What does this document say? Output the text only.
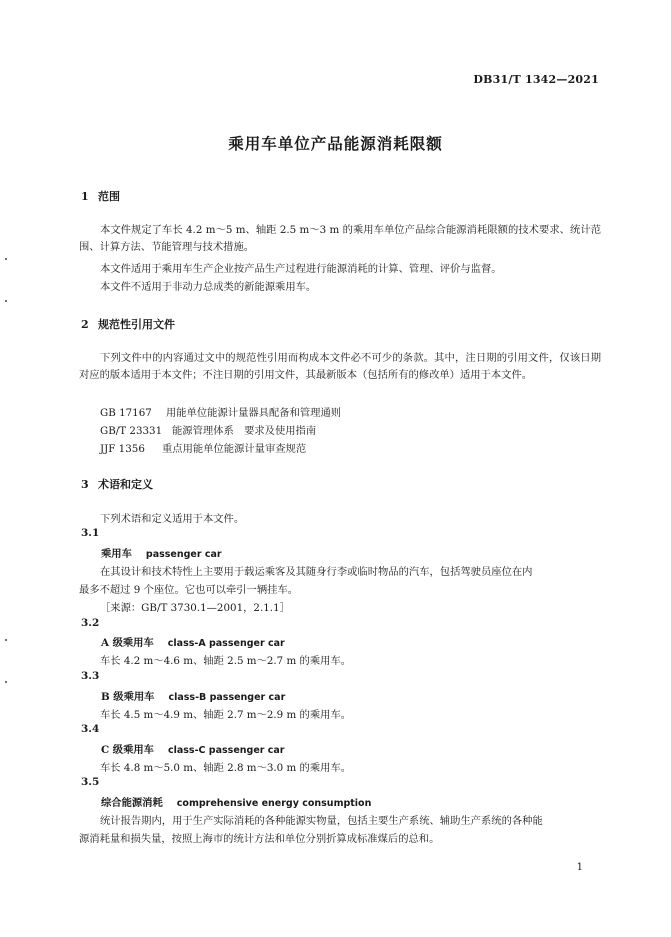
DB31/T 1342—2021
乘用车单位产品能源消耗限额
1 范围
本文件规定了车长 4.2 m～5 m、轴距 2.5 m～3 m 的乘用车单位产品综合能源消耗限额的技术要求、统计范围、计算方法、节能管理与技术措施。
本文件适用于乘用车生产企业按产品生产过程进行能源消耗的计算、管理、评价与监督。
本文件不适用于非动力总成类的新能源乘用车。
2 规范性引用文件
下列文件中的内容通过文中的规范性引用而构成本文件必不可少的条款。其中，注日期的引用文件，仅该日期对应的版本适用于本文件；不注日期的引用文件，其最新版本（包括所有的修改单）适用于本文件。
GB 17167 用能单位能源计量器具配备和管理通则
GB/T 23331 能源管理体系　要求及使用指南
JJF 1356 重点用能单位能源计量审查规范
3 术语和定义
下列术语和定义适用于本文件。
3.1
乘用车 passenger car
在其设计和技术特性上主要用于载运乘客及其随身行李或临时物品的汽车，包括驾驶员座位在内
最多不超过 9 个座位。它也可以牵引一辆挂车。
［来源：GB/T 3730.1—2001，2.1.1］
3.2
A 级乘用车 class-A passenger car
车长 4.2 m～4.6 m、轴距 2.5 m～2.7 m 的乘用车。
3.3
B 级乘用车 class-B passenger car
车长 4.5 m～4.9 m、轴距 2.7 m～2.9 m 的乘用车。
3.4
C 级乘用车 class-C passenger car
车长 4.8 m～5.0 m、轴距 2.8 m～3.0 m 的乘用车。
3.5
综合能源消耗 comprehensive energy consumption
统计报告期内，用于生产实际消耗的各种能源实物量，包括主要生产系统、辅助生产系统的各种能
源消耗量和损失量，按照上海市的统计方法和单位分别折算成标准煤后的总和。
1
